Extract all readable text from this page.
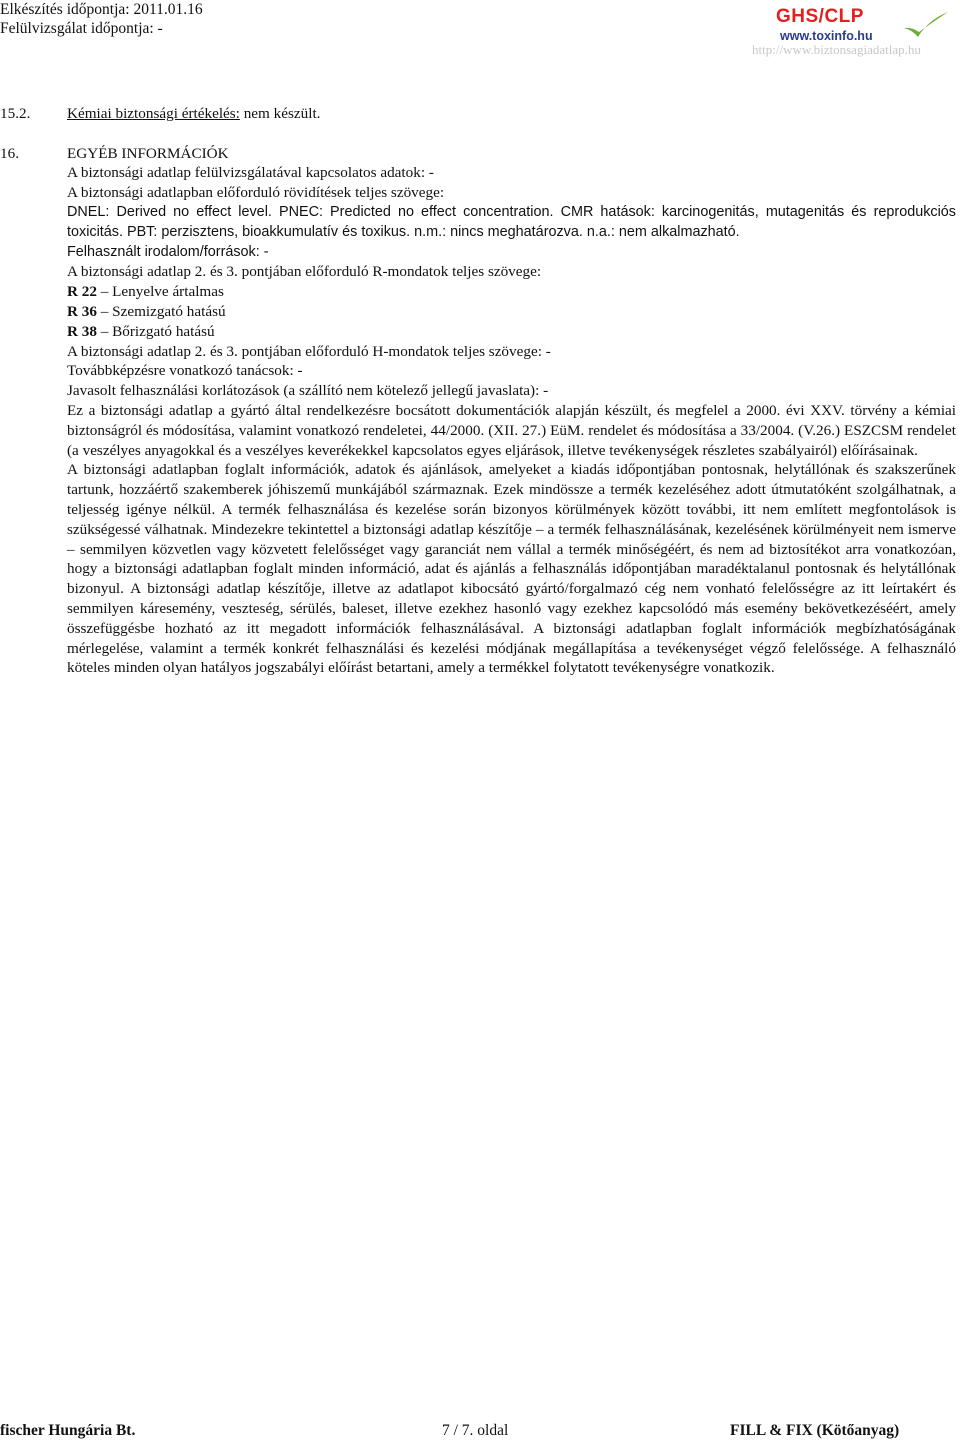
Elkészítés időpontja: 2011.01.16
Felülvizsgálat időpontja: -
GHS/CLP
www.toxinfo.hu
http://www.biztonsagiadatlap.hu
15.2. Kémiai biztonsági értékelés: nem készült.
16.	EGYÉB INFORMÁCIÓK
A biztonsági adatlap felülvizsgálatával kapcsolatos adatok: -
A biztonsági adatlapban előforduló rövidítések teljes szövege:
DNEL: Derived no effect level. PNEC: Predicted no effect concentration. CMR hatások: karcinogenitás, mutagenitás és reprodukciós toxicitás. PBT: perzisztens, bioakkumulatív és toxikus. n.m.: nincs meghatározva. n.a.: nem alkalmazható.
Felhasznált irodalom/források: -
A biztonsági adatlap 2. és 3. pontjában előforduló R-mondatok teljes szövege:
R 22 – Lenyelve ártalmas
R 36 – Szemizgató hatású
R 38 – Bőrizgató hatású
A biztonsági adatlap 2. és 3. pontjában előforduló H-mondatok teljes szövege: -
Továbbképzésre vonatkozó tanácsok: -
Javasolt felhasználási korlátozások (a szállító nem kötelező jellegű javaslata): -
Ez a biztonsági adatlap a gyártó által rendelkezésre bocsátott dokumentációk alapján készült, és megfelel a 2000. évi XXV. törvény a kémiai biztonságról és módosítása, valamint vonatkozó rendeletei, 44/2000. (XII. 27.) EüM. rendelet és módosítása a 33/2004. (V.26.) ESZCSM rendelet (a veszélyes anyagokkal és a veszélyes keverékekkel kapcsolatos egyes eljárások, illetve tevékenységek részletes szabályairól) előírásainak.
A biztonsági adatlapban foglalt információk, adatok és ajánlások, amelyeket a kiadás időpontjában pontosnak, helytállónak és szakszerűnek tartunk, hozzáértő szakemberek jóhiszemű munkájából származnak. Ezek mindössze a termék kezeléséhez adott útmutatóként szolgálhatnak, a teljesség igénye nélkül. A termék felhasználása és kezelése során bizonyos körülmények között további, itt nem említett megfontolások is szükségessé válhatnak. Mindezekre tekintettel a biztonsági adatlap készítője – a termék felhasználásának, kezelésének körülményeit nem ismerve – semmilyen közvetlen vagy közvetett felelősséget vagy garanciát nem vállal a termék minőségéért, és nem ad biztosítékot arra vonatkozóan, hogy a biztonsági adatlapban foglalt minden információ, adat és ajánlás a felhasználás időpontjában maradéktalanul pontosnak és helytállónak bizonyul. A biztonsági adatlap készítője, illetve az adatlapot kibocsátó gyártó/forgalmazó cég nem vonható felelősségre az itt leírtakért és semmilyen káresemény, veszteség, sérülés, baleset, illetve ezekhez hasonló vagy ezekhez kapcsolódó más esemény bekövetkezéséért, amely összefüggésbe hozható az itt megadott információk felhasználásával. A biztonsági adatlapban foglalt információk megbízhatóságának mérlegelése, valamint a termék konkrét felhasználási és kezelési módjának megállapítása a tevékenységet végző felelőssége. A felhasználó köteles minden olyan hatályos jogszabályi előírást betartani, amely a termékkel folytatott tevékenységre vonatkozik.
fischer Hungária Bt.	7 / 7. oldal	FILL & FIX (Kötőanyag)
